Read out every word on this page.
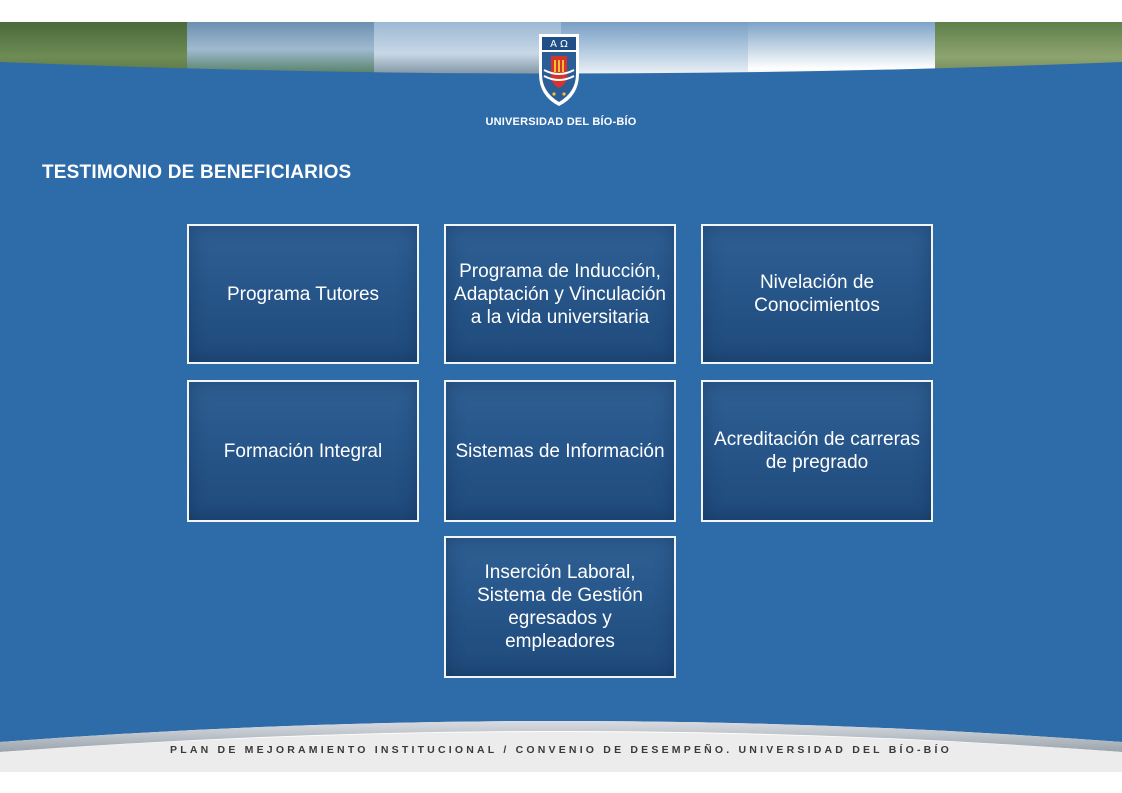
A Ω
UNIVERSIDAD DEL BÍO-BÍO
TESTIMONIO DE BENEFICIARIOS
Programa Tutores
Programa de Inducción, Adaptación y Vinculación a la vida universitaria
Nivelación de Conocimientos
Formación Integral	Sistemas de Información
Acreditación de carreras de pregrado
Inserción Laboral, Sistema de Gestión egresados y empleadores
PLAN DE MEJORAMIENTO INSTITUCIONAL / CONVENIO DE DESEMPEÑO. UNIVERSIDAD DEL BÍO-BÍO
